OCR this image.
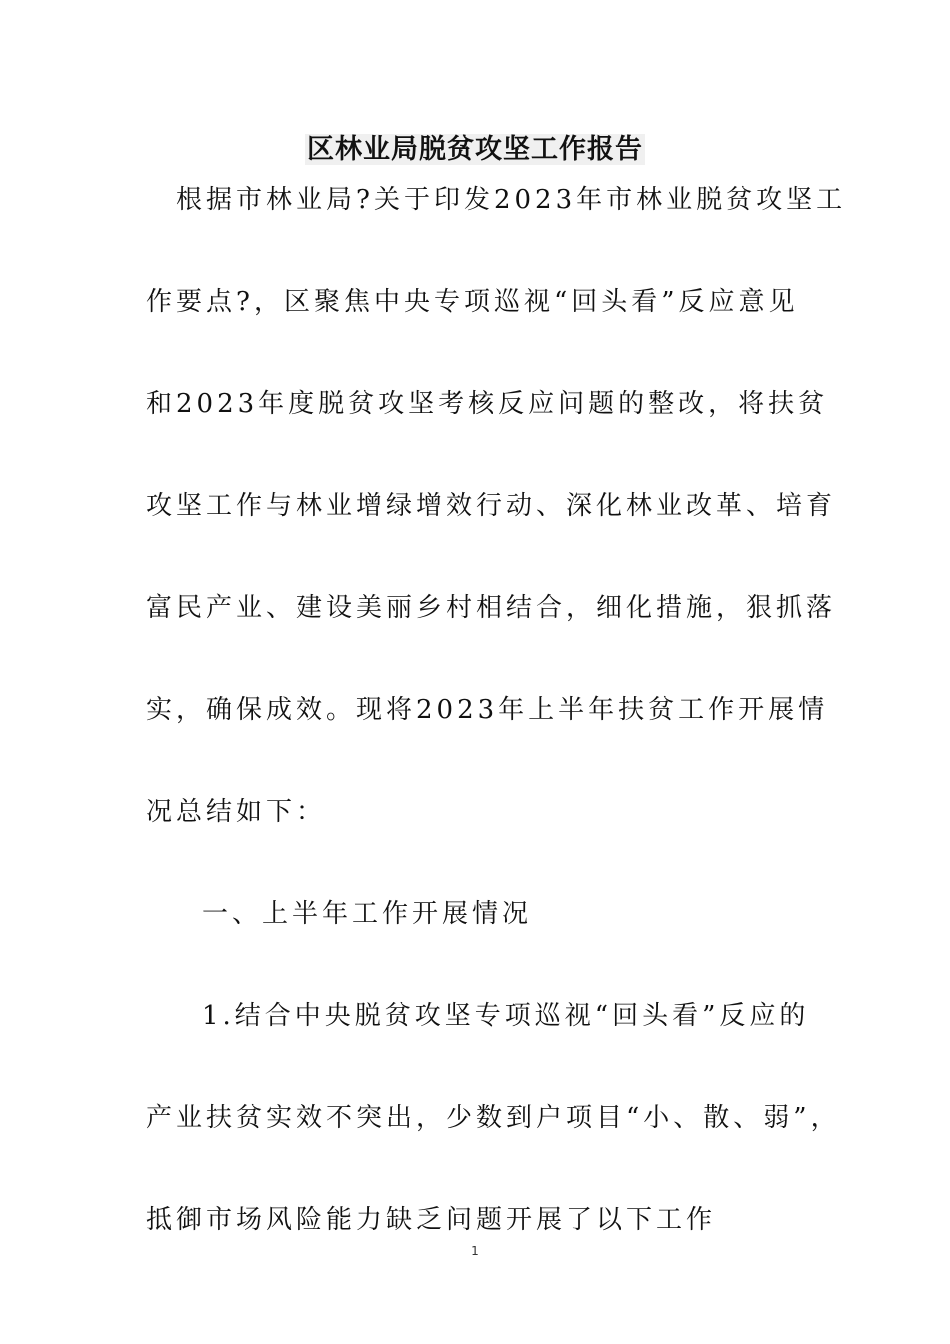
区林业局脱贫攻坚工作报告
根据市林业局?关于印发2023年市林业脱贫攻坚工
作要点?，区聚焦中央专项巡视“回头看”反应意见
和2023年度脱贫攻坚考核反应问题的整改，将扶贫
攻坚工作与林业增绿增效行动、深化林业改革、培育
富民产业、建设美丽乡村相结合，细化措施，狠抓落
实，确保成效。现将2023年上半年扶贫工作开展情
况总结如下：
一、上半年工作开展情况
1.结合中央脱贫攻坚专项巡视“回头看”反应的
产业扶贫实效不突出，少数到户项目“小、散、弱”，
抵御市场风险能力缺乏问题开展了以下工作
1
